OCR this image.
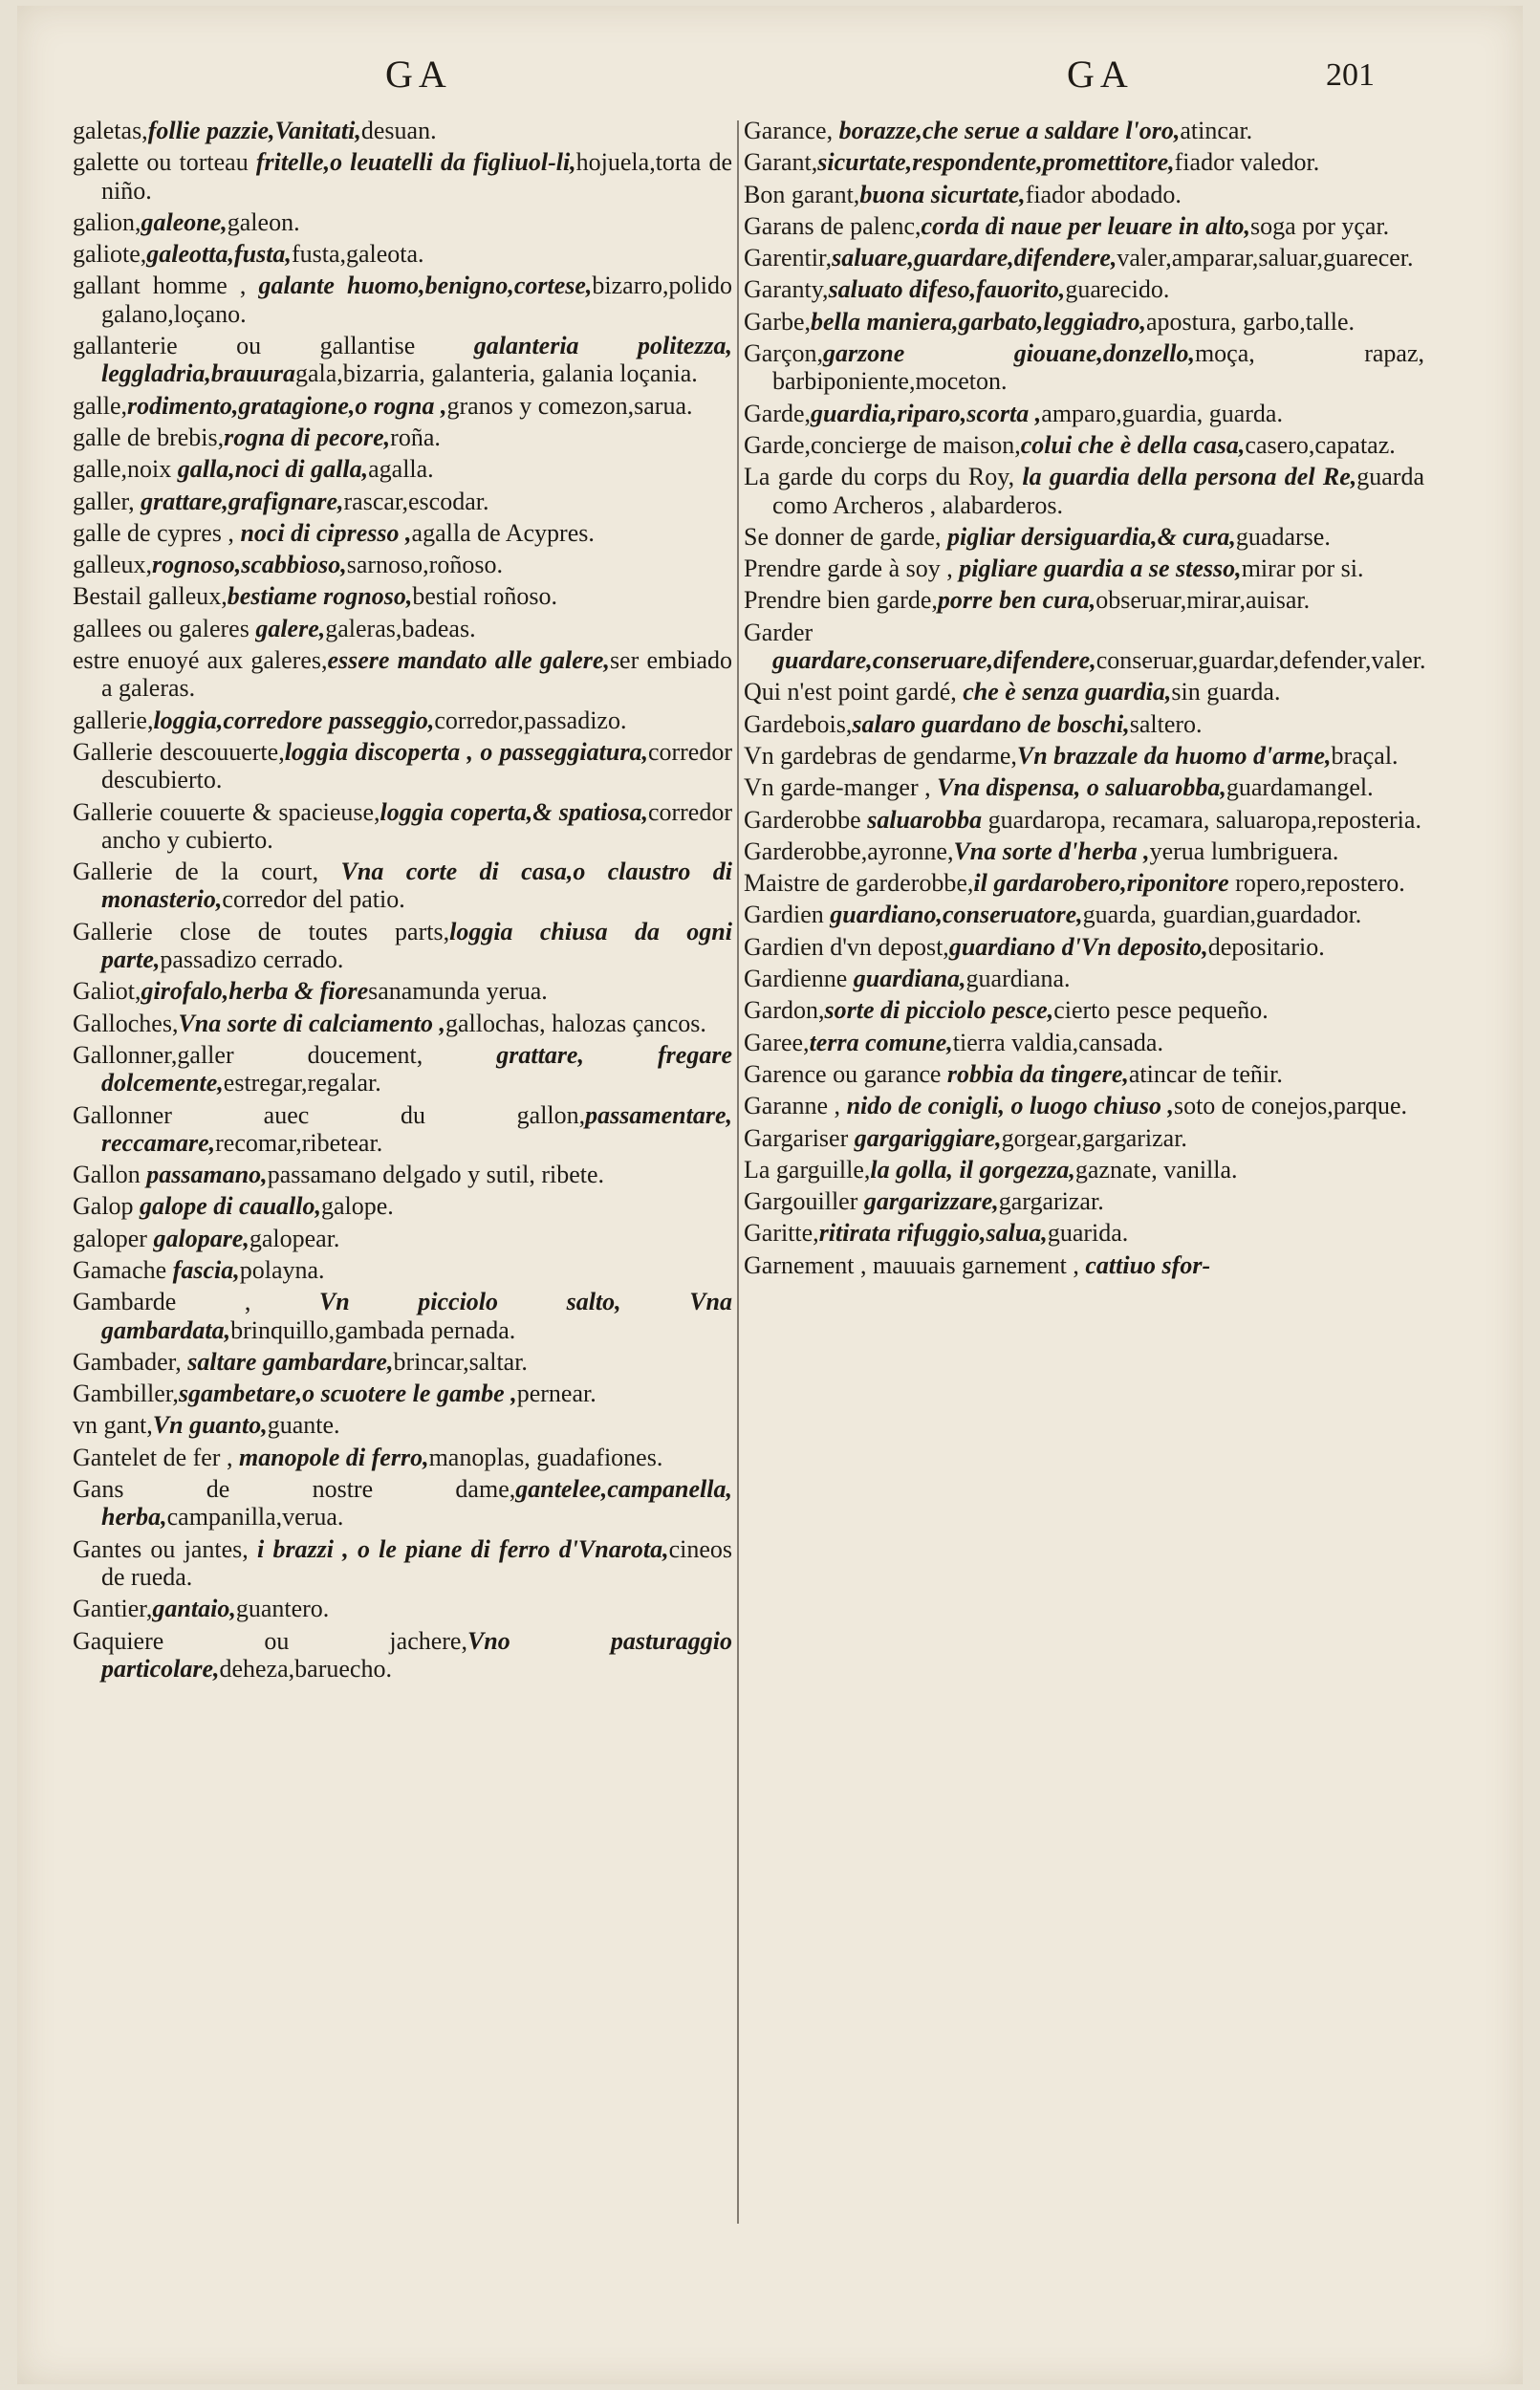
GA	GA	201

galetas,follie pazzie,Vanitati,desuan.

galette ou torteau fritelle,o leuatelli da figliuol-li,hojuela,torta de niño.

galion,galeone,galeon.

galiote,galeotta,fusta,fusta,galeota.

gallant homme , galante huomo,benigno,cortese,bizarro,polido galano,loçano.

gallanterie ou gallantise galanteria politezza, leggladria,brauuragala,bizarria, galanteria, galania loçania.

galle,rodimento,gratagione,o rogna ,granos y comezon,sarua.

galle de brebis,rogna di pecore,roña.

galle,noix galla,noci di galla,agalla.

galler, grattare,grafignare,rascar,escodar.

galle de cypres , noci di cipresso ,agalla de Acypres.

galleux,rognoso,scabbioso,sarnoso,roñoso.

Bestail galleux,bestiame rognoso,bestial roñoso.

gallees ou galeres galere,galeras,badeas.

estre enuoyé aux galeres,essere mandato alle galere,ser embiado a galeras.

gallerie,loggia,corredore passeggio,corredor,passadizo.

Gallerie descouuerte,loggia discoperta , o passeggiatura,corredor descubierto.

Gallerie couuerte & spacieuse,loggia coperta,& spatiosa,corredor ancho y cubierto.

Gallerie de la court, Vna corte di casa,o claustro di monasterio,corredor del patio.

Gallerie close de toutes parts,loggia chiusa da ogni parte,passadizo cerrado.

Galiot,girofalo,herba & fioresanamunda yerua.

Galloches,Vna sorte di calciamento ,gallochas, halozas çancos.

Gallonner,galler doucement, grattare, fregare dolcemente,estregar,regalar.

Gallonner auec du gallon,passamentare, reccamare,recomar,ribetear.

Gallon passamano,passamano delgado y sutil, ribete.

Galop galope di cauallo,galope.

galoper galopare,galopear.

Gamache fascia,polayna.

Gambarde , Vn picciolo salto, Vna gambardata,brinquillo,gambada pernada.

Gambader, saltare gambardare,brincar,saltar.

Gambiller,sgambetare,o scuotere le gambe ,pernear.

vn gant,Vn guanto,guante.

Gantelet de fer , manopole di ferro,manoplas, guadafiones.

Gans de nostre dame,gantelee,campanella, herba,campanilla,verua.

Gantes ou jantes, i brazzi , o le piane di ferro d'Vnarota,cineos de rueda.

Gantier,gantaio,guantero.

Gaquiere ou jachere,Vno pasturaggio particolare,dehezа,baruecho.

Garance, borazze,che serue a saldare l'oro,atincar.

Garant,sicurtate,respondente,promettitore,fiador valedor.

Bon garant,buona sicurtate,fiador abodado.

Garans de palenc,corda di naue per leuare in alto,soga por yçar.

Garentir,saluare,guardare,difendere,valer,amparar,saluar,guarecer.

Garanty,saluato difeso,fauorito,guarecido.

Garbe,bella maniera,garbato,leggiadro,apostura, garbo,talle.

Garçon,garzone giouane,donzello,moça, rapaz, barbiponiente,moceton.

Garde,guardia,riparo,scorta ,amparo,guardia, guarda.

Garde,concierge de maison,colui che è della casa,casero,capataz.

La garde du corps du Roy, la guardia della persona del Re,guarda como Archeros , alabarderos.

Se donner de garde, pigliar dersiguardia,& cura,guadarse.

Prendre garde à soy , pigliare guardia a se stesso,mirar por si.

Prendre bien garde,porre ben cura,obseruar,mirar,auisar.

Garder guardare,conseruare,difendere,conseruar,guardar,defender,valer.

Qui n'est point gardé, che è senza guardia,sin guarda.

Gardebois,salaro guardano de boschi,saltero.

Vn gardebras de gendarme,Vn brazzale da huomo d'arme,braçal.

Vn garde-manger , Vna dispensa, o saluarobba,guardamangel.

Garderobbe saluarobba guardaropa, recamara, saluaropa,reposteria.

Garderobbe,ayronne,Vna sorte d'herba ,yerua lumbriguera.

Maistre de garderobbe,il gardarobero,riponitore ropero,repostero.

Gardien guardiano,conseruatore,guarda, guardian,guardador.

Gardien d'vn depost,guardiano d'Vn deposito,depositario.

Gardienne guardiana,guardiana.

Gardon,sorte di picciolo pesce,cierto pesce pequeño.

Garee,terra comune,tierra valdia,cansada.

Garence ou garance robbia da tingere,atincar de teñir.

Garanne , nido de conigli, o luogo chiuso ,soto de conejos,parque.

Gargariser gargariggiare,gorgear,gargarizar.

La garguille,la golla, il gorgezza,gaznate, vanilla.

Gargouiller gargarizzare,gargarizar.

Garitte,ritirata rifuggio,salua,guarida.

Garnement , mauuais garnement , cattiuo sfor-
